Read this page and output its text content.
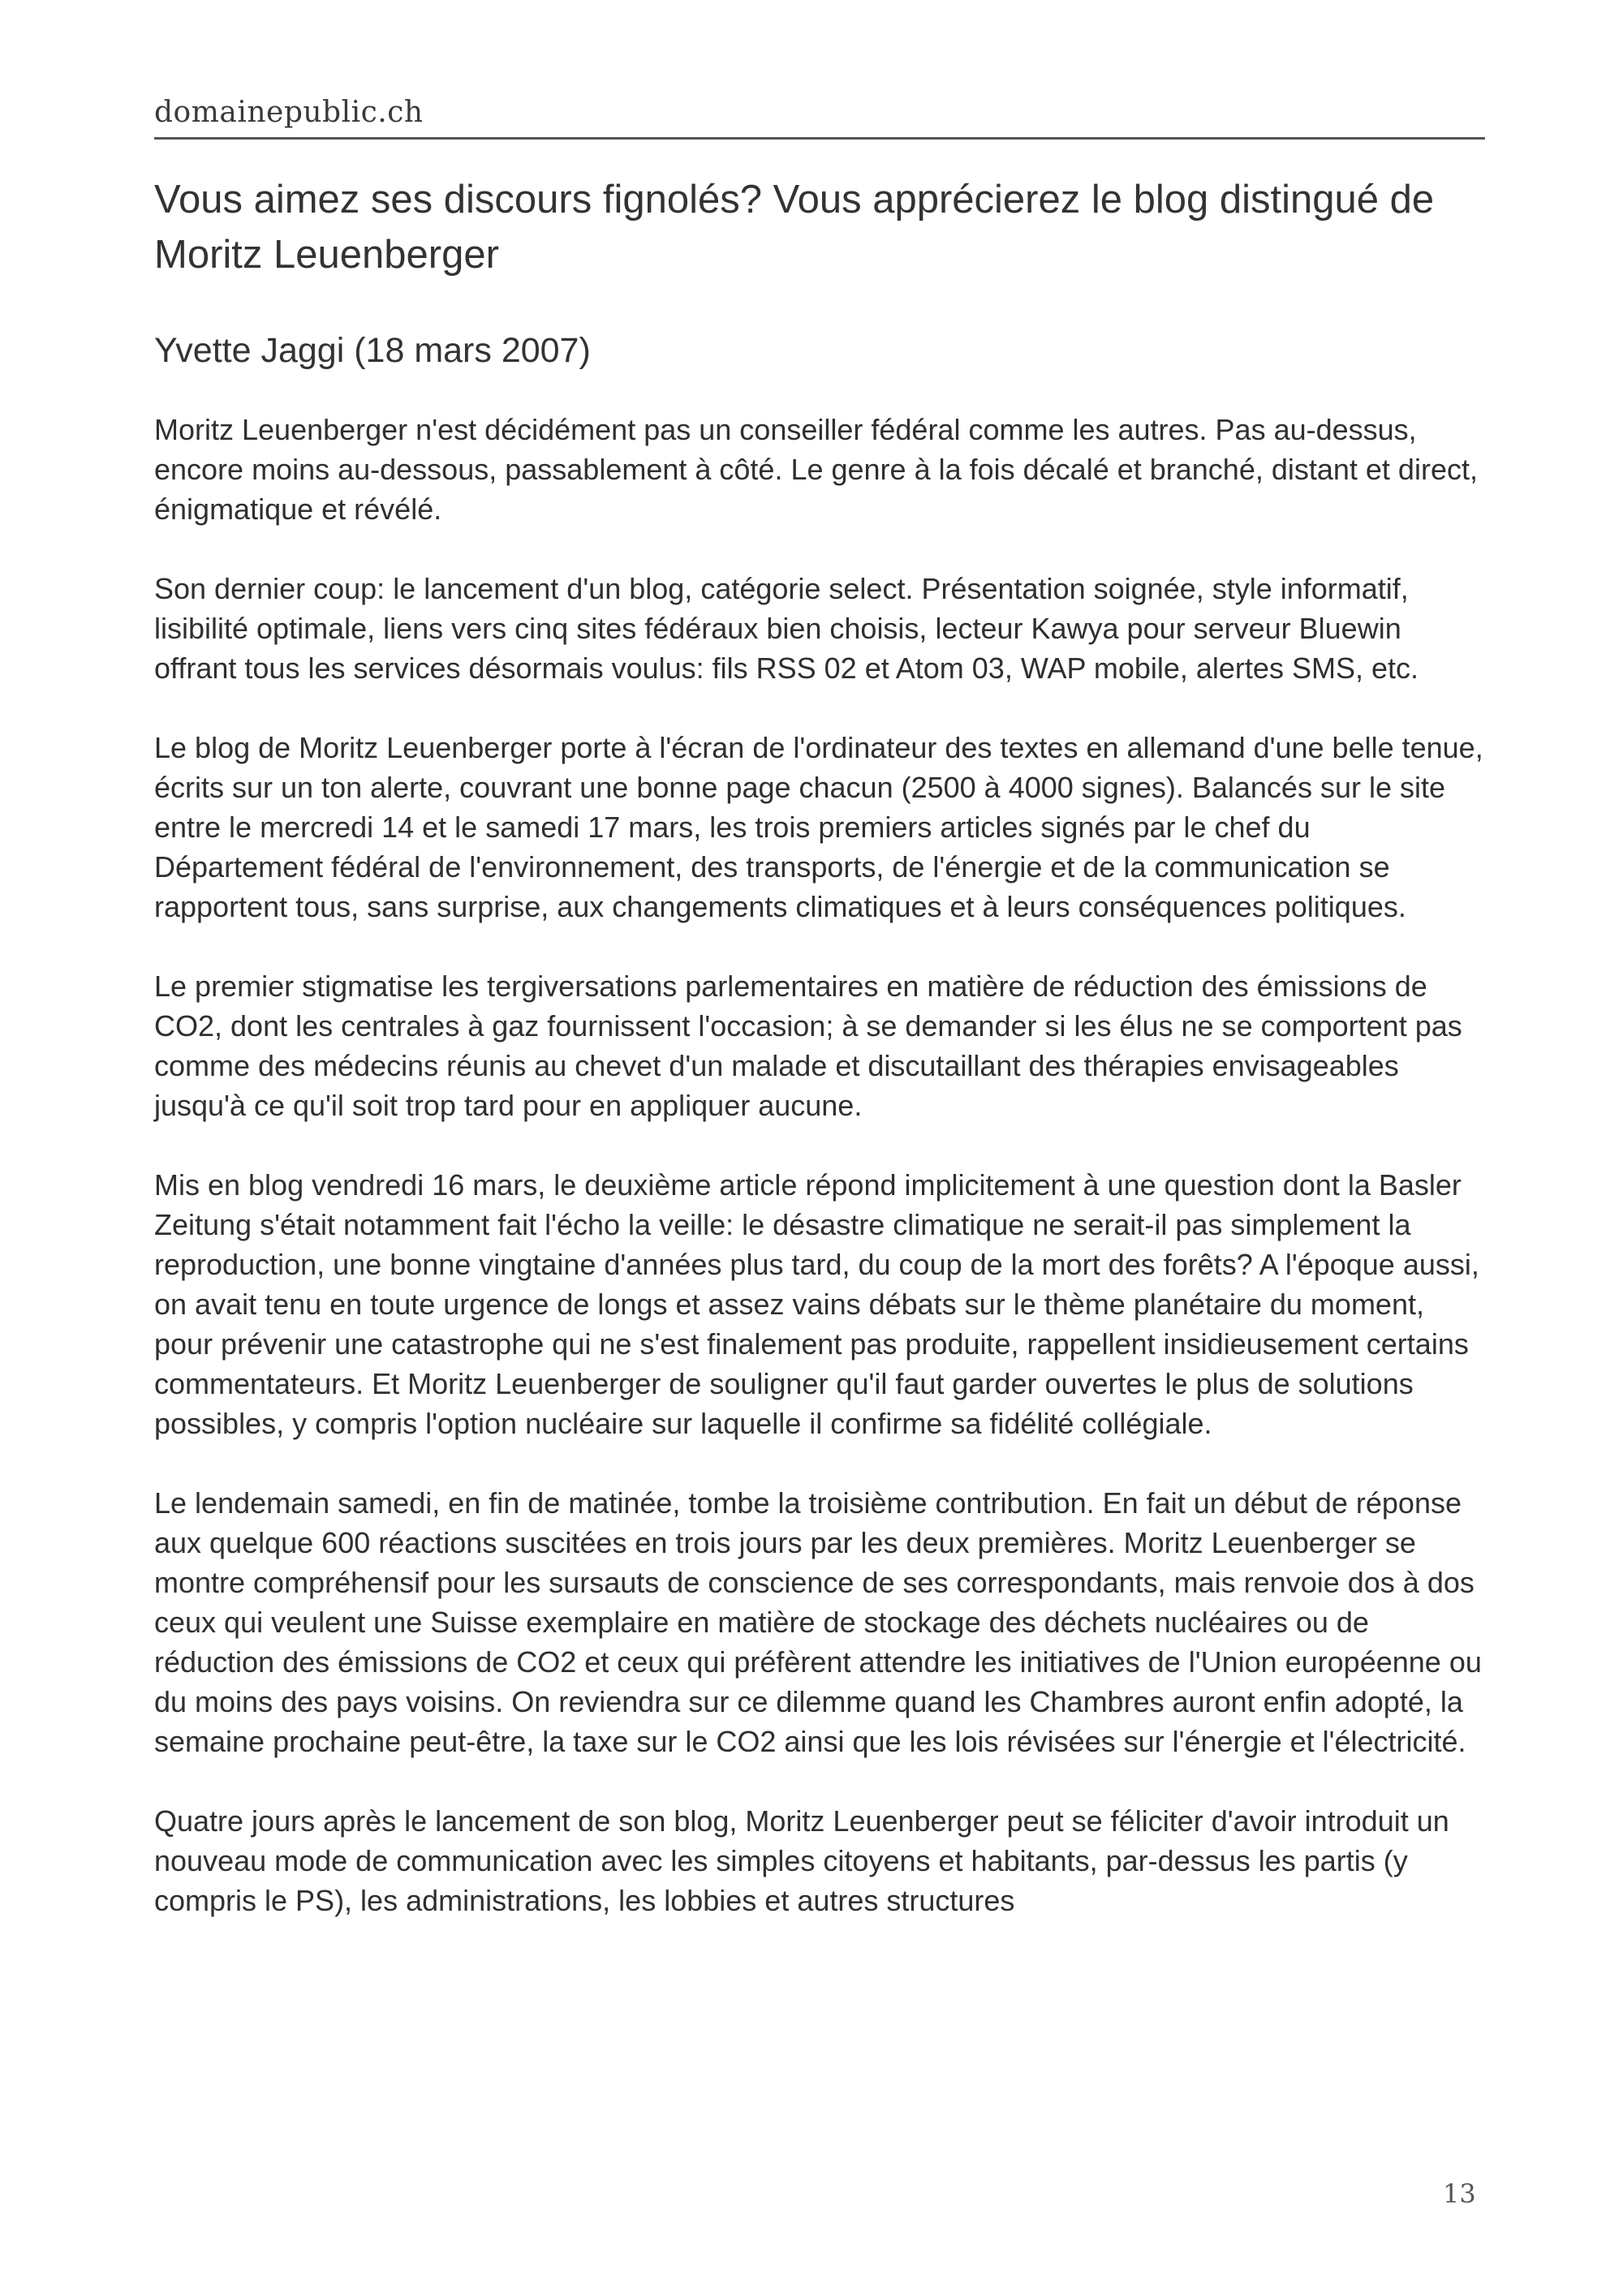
domainepublic.ch
Vous aimez ses discours fignolés? Vous apprécierez le blog distingué de Moritz Leuenberger
Yvette Jaggi (18 mars 2007)

Moritz Leuenberger n'est décidément pas un conseiller fédéral comme les autres. Pas au-dessus, encore moins au-dessous, passablement à côté. Le genre à la fois décalé et branché, distant et direct, énigmatique et révélé.

Son dernier coup: le lancement d'un blog, catégorie select. Présentation soignée, style informatif, lisibilité optimale, liens vers cinq sites fédéraux bien choisis, lecteur Kawya pour serveur Bluewin offrant tous les services désormais voulus: fils RSS 02 et Atom 03, WAP mobile, alertes SMS, etc.

Le blog de Moritz Leuenberger porte à l'écran de l'ordinateur des textes en allemand d'une belle tenue, écrits sur un ton alerte, couvrant une bonne page chacun (2500 à 4000 signes). Balancés sur le site entre le mercredi 14 et le samedi 17 mars, les trois premiers articles signés par le chef du Département fédéral de l'environnement, des transports, de l'énergie et de la communication se rapportent tous, sans surprise, aux changements climatiques et à leurs conséquences politiques.

Le premier stigmatise les tergiversations parlementaires en matière de réduction des émissions de CO2, dont les centrales à gaz fournissent l'occasion; à se demander si les élus ne se comportent pas comme des médecins réunis au chevet d'un malade et discutaillant des thérapies envisageables jusqu'à ce qu'il soit trop tard pour en appliquer aucune.

Mis en blog vendredi 16 mars, le deuxième article répond implicitement à une question dont la Basler Zeitung s'était notamment fait l'écho la veille: le désastre climatique ne serait-il pas simplement la reproduction, une bonne vingtaine d'années plus tard, du coup de la mort des forêts? A l'époque aussi, on avait tenu en toute urgence de longs et assez vains débats sur le thème planétaire du moment, pour prévenir une catastrophe qui ne s'est finalement pas produite, rappellent insidieusement certains commentateurs. Et Moritz Leuenberger de souligner qu'il faut garder ouvertes le plus de solutions possibles, y compris l'option nucléaire sur laquelle il confirme sa fidélité collégiale.

Le lendemain samedi, en fin de matinée, tombe la troisième contribution. En fait un début de réponse aux quelque 600 réactions suscitées en trois jours par les deux premières. Moritz Leuenberger se montre compréhensif pour les sursauts de conscience de ses correspondants, mais renvoie dos à dos ceux qui veulent une Suisse exemplaire en matière de stockage des déchets nucléaires ou de réduction des émissions de CO2 et ceux qui préfèrent attendre les initiatives de l'Union européenne ou du moins des pays voisins. On reviendra sur ce dilemme quand les Chambres auront enfin adopté, la semaine prochaine peut-être, la taxe sur le CO2 ainsi que les lois révisées sur l'énergie et l'électricité.

Quatre jours après le lancement de son blog, Moritz Leuenberger peut se féliciter d'avoir introduit un nouveau mode de communication avec les simples citoyens et habitants, par-dessus les partis (y compris le PS), les administrations, les lobbies et autres structures

13
